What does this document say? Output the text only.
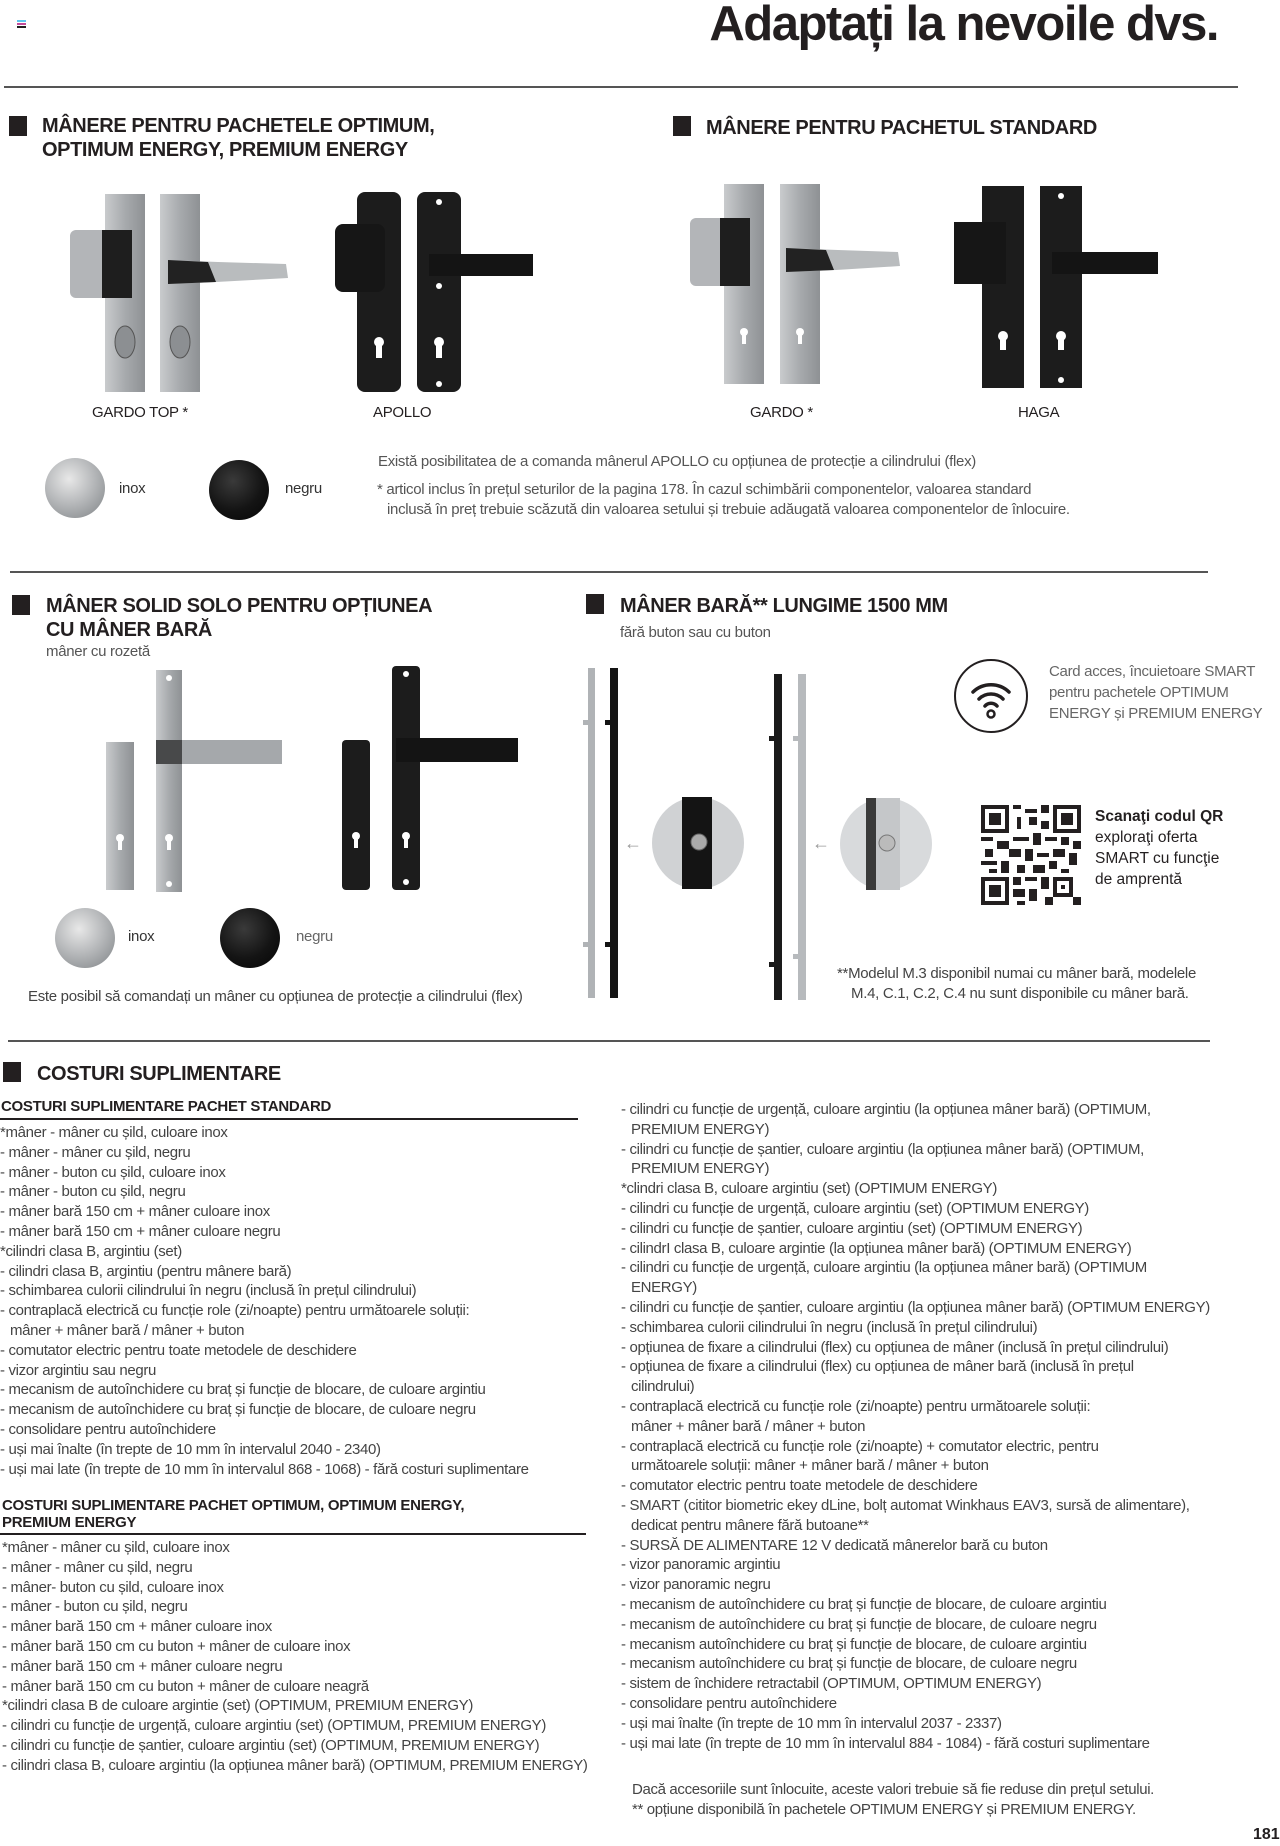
Adaptați la nevoile dvs.
MÂNERE PENTRU PACHETELE OPTIMUM,
OPTIMUM ENERGY, PREMIUM ENERGY
MÂNERE PENTRU PACHETUL STANDARD
GARDO TOP *	APOLLO	GARDO *	HAGA
inox	negru
Există posibilitatea de a comanda mânerul APOLLO cu opțiunea de protecție a cilindrului (flex)
* articol inclus în prețul seturilor de la pagina 178. În cazul schimbării componentelor, valoarea standard
inclusă în preț trebuie scăzută din valoarea setului și trebuie adăugată valoarea componentelor de înlocuire.
MÂNER SOLID SOLO PENTRU OPȚIUNEA
CU MÂNER BARĂ
mâner cu rozetă
inox	negru
Este posibil să comandați un mâner cu opțiunea de protecție a cilindrului (flex)
MÂNER BARĂ** LUNGIME 1500 MM
fără buton sau cu buton
←	←
Card acces, încuietoare SMART
pentru pachetele OPTIMUM
ENERGY și PREMIUM ENERGY
Scanaţi codul QR
exploraţi oferta
SMART cu funcţie
de amprentă
**Modelul M.3 disponibil numai cu mâner bară, modelele
M.4, C.1, C.2, C.4 nu sunt disponibile cu mâner bară.
COSTURI SUPLIMENTARE
COSTURI SUPLIMENTARE PACHET STANDARD
*mâner - mâner cu șild, culoare inox
- mâner - mâner cu șild, negru
- mâner - buton cu șild, culoare inox
- mâner - buton cu șild, negru
- mâner bară 150 cm + mâner culoare inox
- mâner bară 150 cm + mâner culoare negru
*cilindri clasa B, argintiu (set)
- cilindri clasa B, argintiu (pentru mânere bară)
- schimbarea culorii cilindrului în negru (inclusă în prețul cilindrului)
- contraplacă electrică cu funcție role (zi/noapte) pentru următoarele soluții:
mâner + mâner bară / mâner + buton
- comutator electric pentru toate metodele de deschidere
- vizor argintiu sau negru
- mecanism de autoînchidere cu braț și funcție de blocare, de culoare argintiu
- mecanism de autoînchidere cu braț și funcție de blocare, de culoare negru
- consolidare pentru autoînchidere
- uși mai înalte (în trepte de 10 mm în intervalul 2040 - 2340)
- uși mai late (în trepte de 10 mm în intervalul 868 - 1068) - fără costuri suplimentare
COSTURI SUPLIMENTARE PACHET OPTIMUM, OPTIMUM ENERGY,
PREMIUM ENERGY
*mâner - mâner cu șild, culoare inox
- mâner - mâner cu șild, negru
- mâner- buton cu șild, culoare inox
- mâner - buton cu șild, negru
- mâner bară 150 cm + mâner culoare inox
- mâner bară 150 cm cu buton + mâner de culoare inox
- mâner bară 150 cm + mâner culoare negru
- mâner bară 150 cm cu buton + mâner de culoare neagră
*cilindri clasa B de culoare argintie (set) (OPTIMUM, PREMIUM ENERGY)
- cilindri cu funcție de urgență, culoare argintiu (set) (OPTIMUM, PREMIUM ENERGY)
- cilindri cu funcție de șantier, culoare argintiu (set) (OPTIMUM, PREMIUM ENERGY)
- cilindri clasa B, culoare argintiu (la opțiunea mâner bară) (OPTIMUM, PREMIUM ENERGY)
- cilindri cu funcție de urgență, culoare argintiu (la opțiunea mâner bară) (OPTIMUM,
PREMIUM ENERGY)
- cilindri cu funcție de șantier, culoare argintiu (la opțiunea mâner bară) (OPTIMUM,
PREMIUM ENERGY)
*clindri clasa B, culoare argintiu (set) (OPTIMUM ENERGY)
- cilindri cu funcție de urgență, culoare argintiu (set) (OPTIMUM ENERGY)
- cilindri cu funcție de șantier, culoare argintiu (set) (OPTIMUM ENERGY)
- cilindrI clasa B, culoare argintie (la opțiunea mâner bară) (OPTIMUM ENERGY)
- cilindri cu funcție de urgență, culoare argintiu (la opțiunea mâner bară) (OPTIMUM
ENERGY)
- cilindri cu funcție de șantier, culoare argintiu (la opțiunea mâner bară) (OPTIMUM ENERGY)
- schimbarea culorii cilindrului în negru (inclusă în prețul cilindrului)
- opțiunea de fixare a cilindrului (flex) cu opțiunea de mâner (inclusă în prețul cilindrului)
- opțiunea de fixare a cilindrului (flex) cu opțiunea de mâner bară (inclusă în prețul
cilindrului)
- contraplacă electrică cu funcție role (zi/noapte) pentru următoarele soluții:
mâner + mâner bară / mâner + buton
- contraplacă electrică cu funcție role (zi/noapte) + comutator electric, pentru
următoarele soluții: mâner + mâner bară / mâner + buton
- comutator electric pentru toate metodele de deschidere
- SMART (cititor biometric ekey dLine, bolț automat Winkhaus EAV3, sursă de alimentare),
dedicat pentru mânere fără butoane**
- SURSĂ DE ALIMENTARE 12 V dedicată mânerelor bară cu buton
- vizor panoramic argintiu
- vizor panoramic negru
- mecanism de autoînchidere cu braț și funcție de blocare, de culoare argintiu
- mecanism de autoînchidere cu braț și funcție de blocare, de culoare negru
- mecanism autoînchidere cu braț și funcție de blocare, de culoare argintiu
- mecanism autoînchidere cu braț și funcție de blocare, de culoare negru
- sistem de închidere retractabil (OPTIMUM, OPTIMUM ENERGY)
- consolidare pentru autoînchidere
- uși mai înalte (în trepte de 10 mm în intervalul 2037 - 2337)
- uși mai late (în trepte de 10 mm în intervalul 884 - 1084) - fără costuri suplimentare
Dacă accesoriile sunt înlocuite, aceste valori trebuie să fie reduse din prețul setului.
** opțiune disponibilă în pachetele OPTIMUM ENERGY și PREMIUM ENERGY.
181
